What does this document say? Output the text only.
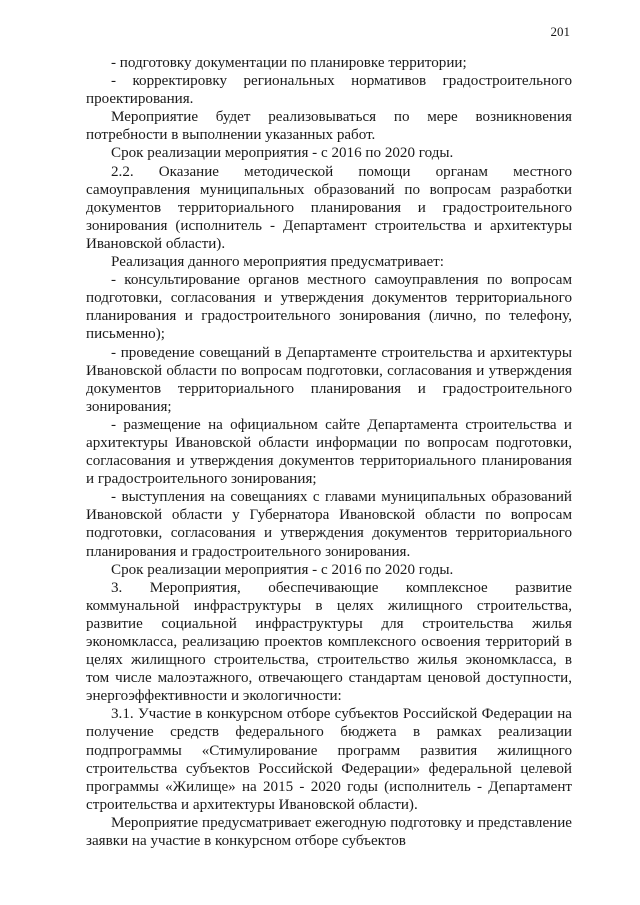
201

- подготовку документации по планировке территории;

- корректировку региональных нормативов градостроительного проектирования.

Мероприятие будет реализовываться по мере возникновения потребности в выполнении указанных работ.

Срок реализации мероприятия - с 2016 по 2020 годы.

2.2. Оказание методической помощи органам местного самоуправления муниципальных образований по вопросам разработки документов территориального планирования и градостроительного зонирования (исполнитель - Департамент строительства и архитектуры Ивановской области).

Реализация данного мероприятия предусматривает:

- консультирование органов местного самоуправления по вопросам подготовки, согласования и утверждения документов территориального планирования и градостроительного зонирования (лично, по телефону, письменно);

- проведение совещаний в Департаменте строительства и архитектуры Ивановской области по вопросам подготовки, согласования и утверждения документов территориального планирования и градостроительного зонирования;

- размещение на официальном сайте Департамента строительства и архитектуры Ивановской области информации по вопросам подготовки, согласования и утверждения документов территориального планирования и градостроительного зонирования;

- выступления на совещаниях с главами муниципальных образований Ивановской области у Губернатора Ивановской области по вопросам подготовки, согласования и утверждения документов территориального планирования и градостроительного зонирования.

Срок реализации мероприятия - с 2016 по 2020 годы.

3. Мероприятия, обеспечивающие комплексное развитие коммунальной инфраструктуры в целях жилищного строительства, развитие социальной инфраструктуры для строительства жилья экономкласса, реализацию проектов комплексного освоения территорий в целях жилищного строительства, строительство жилья экономкласса, в том числе малоэтажного, отвечающего стандартам ценовой доступности, энергоэффективности и экологичности:

3.1. Участие в конкурсном отборе субъектов Российской Федерации на получение средств федерального бюджета в рамках реализации подпрограммы «Стимулирование программ развития жилищного строительства субъектов Российской Федерации» федеральной целевой программы «Жилище» на 2015 - 2020 годы (исполнитель - Департамент строительства и архитектуры Ивановской области).

Мероприятие предусматривает ежегодную подготовку и представление заявки на участие в конкурсном отборе субъектов
